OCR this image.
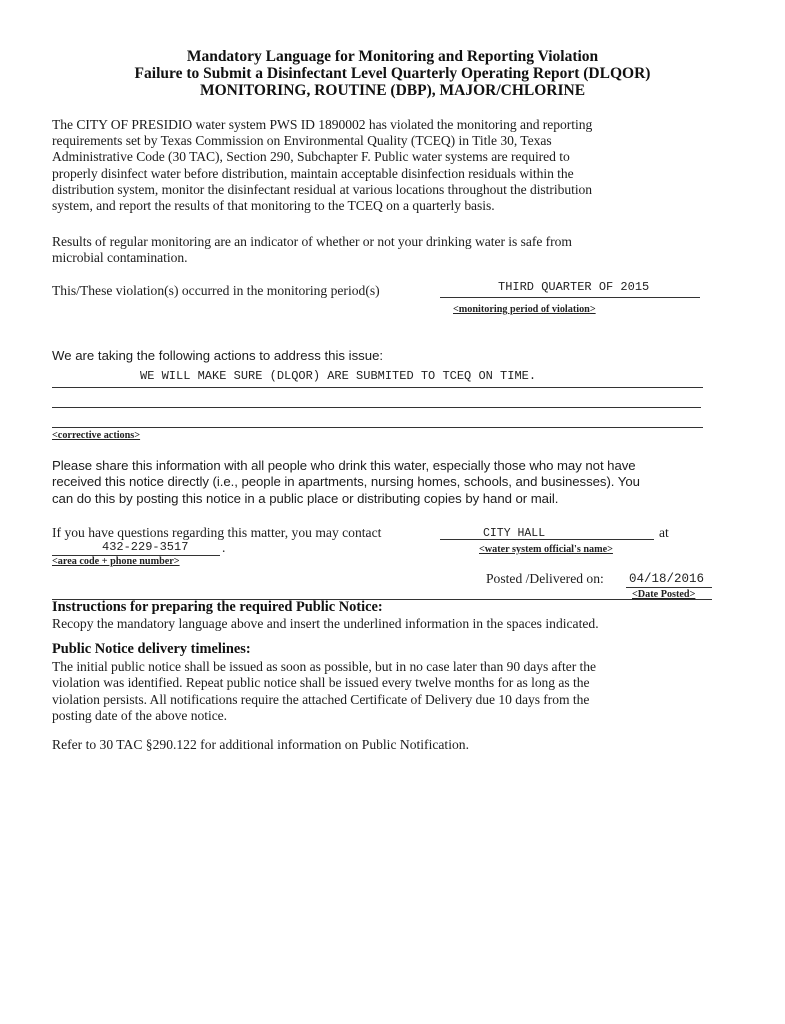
Mandatory Language for Monitoring and Reporting Violation
Failure to Submit a Disinfectant Level Quarterly Operating Report (DLQOR)
MONITORING, ROUTINE (DBP), MAJOR/CHLORINE
The CITY OF PRESIDIO water system PWS ID 1890002 has violated the monitoring and reporting
requirements set by Texas Commission on Environmental Quality (TCEQ) in Title 30, Texas
Administrative Code (30 TAC), Section 290, Subchapter F. Public water systems are required to
properly disinfect water before distribution, maintain acceptable disinfection residuals within the
distribution system, monitor the disinfectant residual at various locations throughout the distribution
system, and report the results of that monitoring to the TCEQ on a quarterly basis.
Results of regular monitoring are an indicator of whether or not your drinking water is safe from
microbial contamination.
This/These violation(s) occurred in the monitoring period(s)	THIRD QUARTER OF 2015
<monitoring period of violation>
We are taking the following actions to address this issue:
WE WILL MAKE SURE (DLQOR) ARE SUBMITED TO TCEQ ON TIME.
<corrective actions>
Please share this information with all people who drink this water, especially those who may not have
received this notice directly (i.e., people in apartments, nursing homes, schools, and businesses). You
can do this by posting this notice in a public place or distributing copies by hand or mail.
If you have questions regarding this matter, you may contact	CITY HALL	at
<water system official's name>
432-229-3517 .
<area code + phone number>
Posted /Delivered on: 04/18/2016
<Date Posted>
Instructions for preparing the required Public Notice:
Recopy the mandatory language above and insert the underlined information in the spaces indicated.
Public Notice delivery timelines:
The initial public notice shall be issued as soon as possible, but in no case later than 90 days after the
violation was identified. Repeat public notice shall be issued every twelve months for as long as the
violation persists. All notifications require the attached Certificate of Delivery due 10 days from the
posting date of the above notice.
Refer to 30 TAC §290.122 for additional information on Public Notification.
